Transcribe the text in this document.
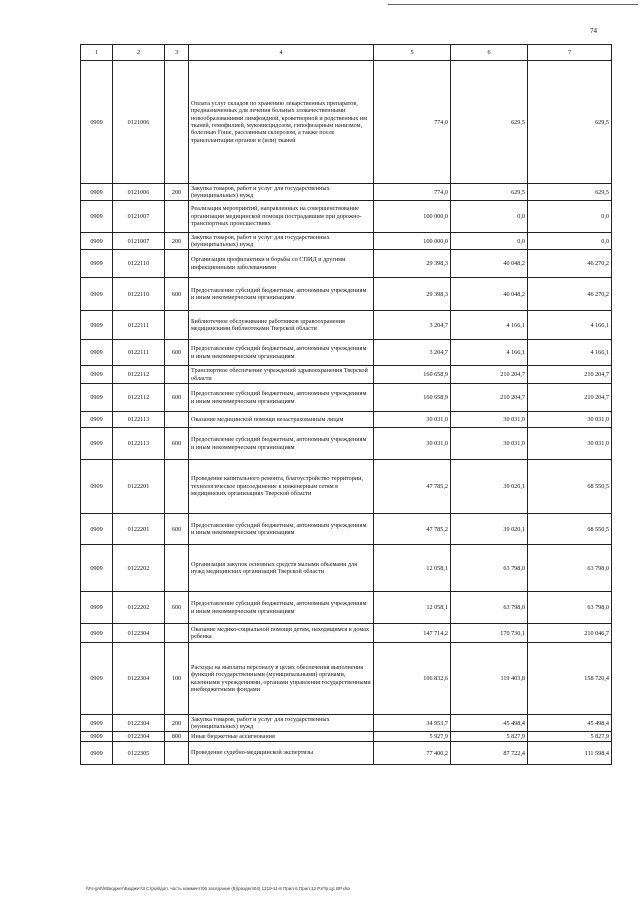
74
1	2	3	4	5	6	7
0909	0121006		Оплата услуг складов по хранению лекарственных препаратов, предназначенных для лечения больных злокачественными новообразованиями лимфоидной, кроветворной и родственных им тканей, гемофилией, муковисцидозом, гипофизарным нанизмом, болезнью Гоше, рассеянным склерозом, а также после трансплантации органов и (или) тканей	774,0	629,5	629,5
0909	0121006	200	Закупка товаров, работ и услуг для государственных (муниципальных) нужд	774,0	629,5	629,5
0909	0121007		Реализация мероприятий, направленных на совершенствование организации медицинской помощи пострадавшим при дорожно-транспортных происшествиях	100 000,0	0,0	0,0
0909	0121007	200	Закупка товаров, работ и услуг для государственных (муниципальных) нужд	100 000,0	0,0	0,0
0909	0122110		Организация профилактики и борьбы со СПИД и другими инфекционными заболеваниями	29 398,3	40 048,2	46 270,2
0909	0122110	600	Предоставление субсидий бюджетным, автономным учреждениям и иным некоммерческим организациям	29 398,3	40 048,2	46 270,2
0909	0122111		Библиотечное обслуживание работников здравоохранения медицинскими библиотеками Тверской области	3 204,7	4 166,1	4 166,1
0909	0122111	600	Предоставление субсидий бюджетным, автономным учреждениям и иным некоммерческим организациям	3 204,7	4 166,1	4 166,1
0909	0122112		Транспортное обеспечение учреждений здравоохранения Тверской области	160 658,9	210 204,7	210 204,7
0909	0122112	600	Предоставление субсидий бюджетным, автономным учреждениям и иным некоммерческим организациям	160 658,9	210 204,7	210 204,7
0909	0122113		Оказание медицинской помощи незастрахованным лицам	30 031,0	30 031,0	30 031,0
0909	0122113	600	Предоставление субсидий бюджетным, автономным учреждениям и иным некоммерческим организациям	30 031,0	30 031,0	30 031,0
0909	0122201		Проведение капитального ремонта, благоустройство территории, технологическое присоединение к инженерным сетям в медицинских организациях Тверской области	47 785,2	39 020,1	68 550,5
0909	0122201	600	Предоставление субсидий бюджетным, автономным учреждениям и иным некоммерческим организациям	47 785,2	39 020,1	68 550,5
0909	0122202		Организация закупок основных средств малыми объемами для нужд медицинских организаций Тверской области	12 058,1	63 798,0	63 798,0
0909	0122202	600	Предоставление субсидий бюджетным, автономным учреждениям и иным некоммерческим организациям	12 058,1	63 798,0	63 798,0
0909	0122304		Оказание медико-социальной помощи детям, находящимся в домах ребенка	147 714,2	170 730,1	210 046,7
0909	0122304	100	Расходы на выплаты персоналу в целях обеспечения выполнения функций государственными (муниципальными) органами, казенными учреждениями, органами управления государственными внебюджетными фондами	106 832,6	119 403,8	158 720,4
0909	0122304	200	Закупка товаров, работ и услуг для государственных (муниципальных) нужд	34 953,7	45 498,4	45 498,4
0909	0122304	800	Иные бюджетные ассигнования	5 927,9	5 827,9	5 827,9
0909	0122305		Проведение судебно-медицинской экспертизы	77 400,2	87 722,4	111 598,4
\\Fs-gnt\fs\Бюджет\Бюджет\3 Строй\доп. часть коммент\06 заседание (9)\раздел\04) 1219-11-8 Прил.6 Прил.12 РзПр Цс ВР.xlsx
